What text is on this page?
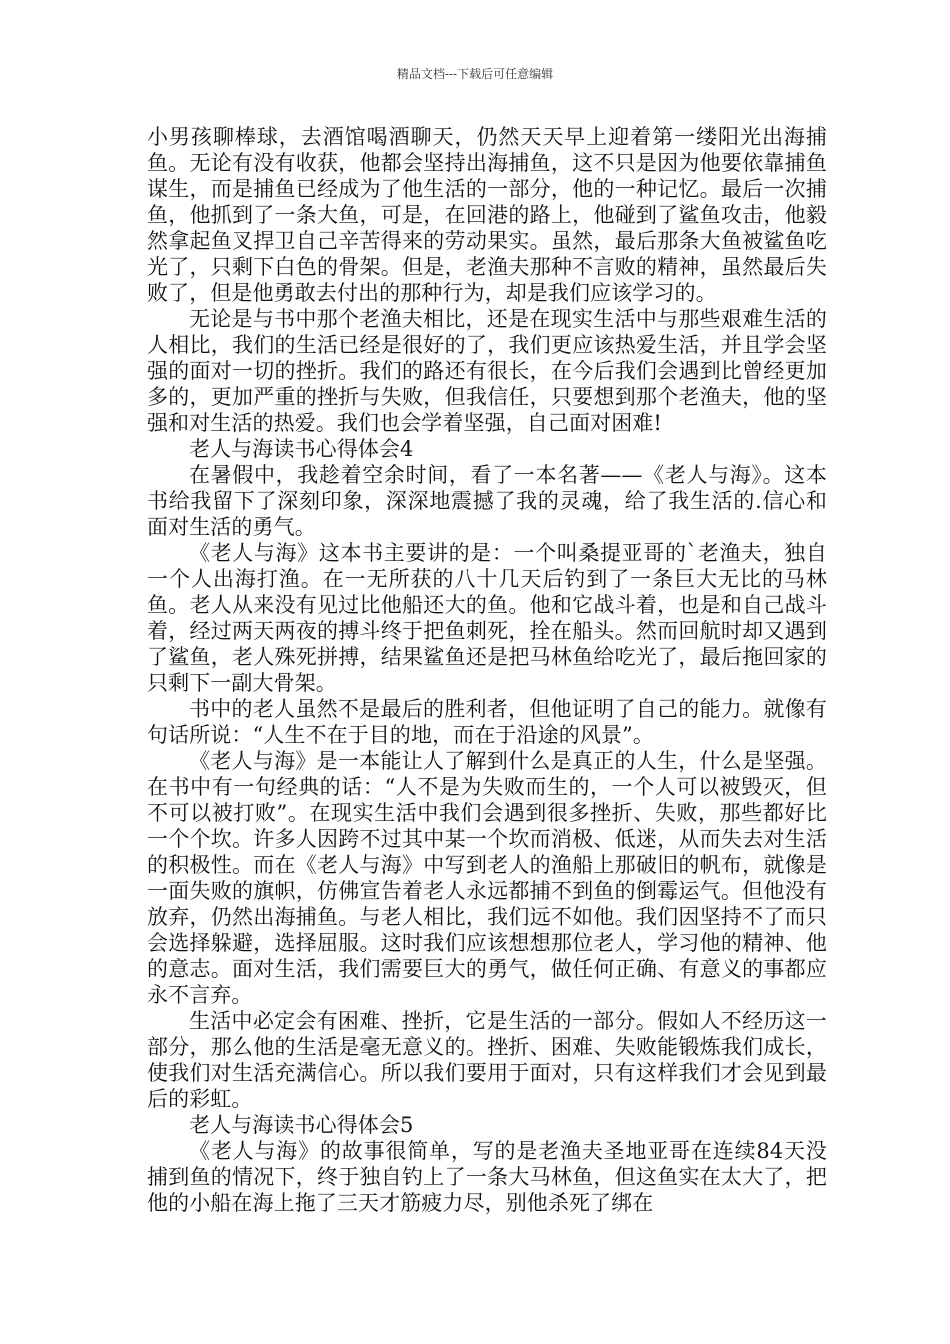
精品文档---下载后可任意编辑

小男孩聊棒球，去酒馆喝酒聊天，仍然天天早上迎着第一缕阳光出海捕鱼。无论有没有收获，他都会坚持出海捕鱼，这不只是因为他要依靠捕鱼谋生，而是捕鱼已经成为了他生活的一部分，他的一种记忆。最后一次捕鱼，他抓到了一条大鱼，可是，在回港的路上，他碰到了鲨鱼攻击，他毅然拿起鱼叉捍卫自己辛苦得来的劳动果实。虽然，最后那条大鱼被鲨鱼吃光了，只剩下白色的骨架。但是，老渔夫那种不言败的精神，虽然最后失败了，但是他勇敢去付出的那种行为，却是我们应该学习的。

无论是与书中那个老渔夫相比，还是在现实生活中与那些艰难生活的人相比，我们的生活已经是很好的了，我们更应该热爱生活，并且学会坚强的面对一切的挫折。我们的路还有很长，在今后我们会遇到比曾经更加多的，更加严重的挫折与失败，但我信任，只要想到那个老渔夫，他的坚强和对生活的热爱。我们也会学着坚强，自己面对困难!

老人与海读书心得体会4

在暑假中，我趁着空余时间，看了一本名著——《老人与海》。这本书给我留下了深刻印象，深深地震撼了我的灵魂，给了我生活的.信心和面对生活的勇气。

《老人与海》这本书主要讲的是：一个叫桑提亚哥的`老渔夫，独自一个人出海打渔。在一无所获的八十几天后钓到了一条巨大无比的马林鱼。老人从来没有见过比他船还大的鱼。他和它战斗着，也是和自己战斗着，经过两天两夜的搏斗终于把鱼刺死，拴在船头。然而回航时却又遇到了鲨鱼，老人殊死拼搏，结果鲨鱼还是把马林鱼给吃光了，最后拖回家的只剩下一副大骨架。

书中的老人虽然不是最后的胜利者，但他证明了自己的能力。就像有句话所说：“人生不在于目的地，而在于沿途的风景”。

《老人与海》是一本能让人了解到什么是真正的人生，什么是坚强。在书中有一句经典的话：“人不是为失败而生的，一个人可以被毁灭，但不可以被打败”。在现实生活中我们会遇到很多挫折、失败，那些都好比一个个坎。许多人因跨不过其中某一个坎而消极、低迷，从而失去对生活的积极性。而在《老人与海》中写到老人的渔船上那破旧的帆布，就像是一面失败的旗帜，仿佛宣告着老人永远都捕不到鱼的倒霉运气。但他没有放弃，仍然出海捕鱼。与老人相比，我们远不如他。我们因坚持不了而只会选择躲避，选择屈服。这时我们应该想想那位老人，学习他的精神、他的意志。面对生活，我们需要巨大的勇气，做任何正确、有意义的事都应永不言弃。

生活中必定会有困难、挫折，它是生活的一部分。假如人不经历这一部分，那么他的生活是毫无意义的。挫折、困难、失败能锻炼我们成长，使我们对生活充满信心。所以我们要用于面对，只有这样我们才会见到最后的彩虹。

老人与海读书心得体会5

《老人与海》的故事很简单，写的是老渔夫圣地亚哥在连续84天没捕到鱼的情况下，终于独自钓上了一条大马林鱼，但这鱼实在太大了，把他的小船在海上拖了三天才筋疲力尽，别他杀死了绑在
